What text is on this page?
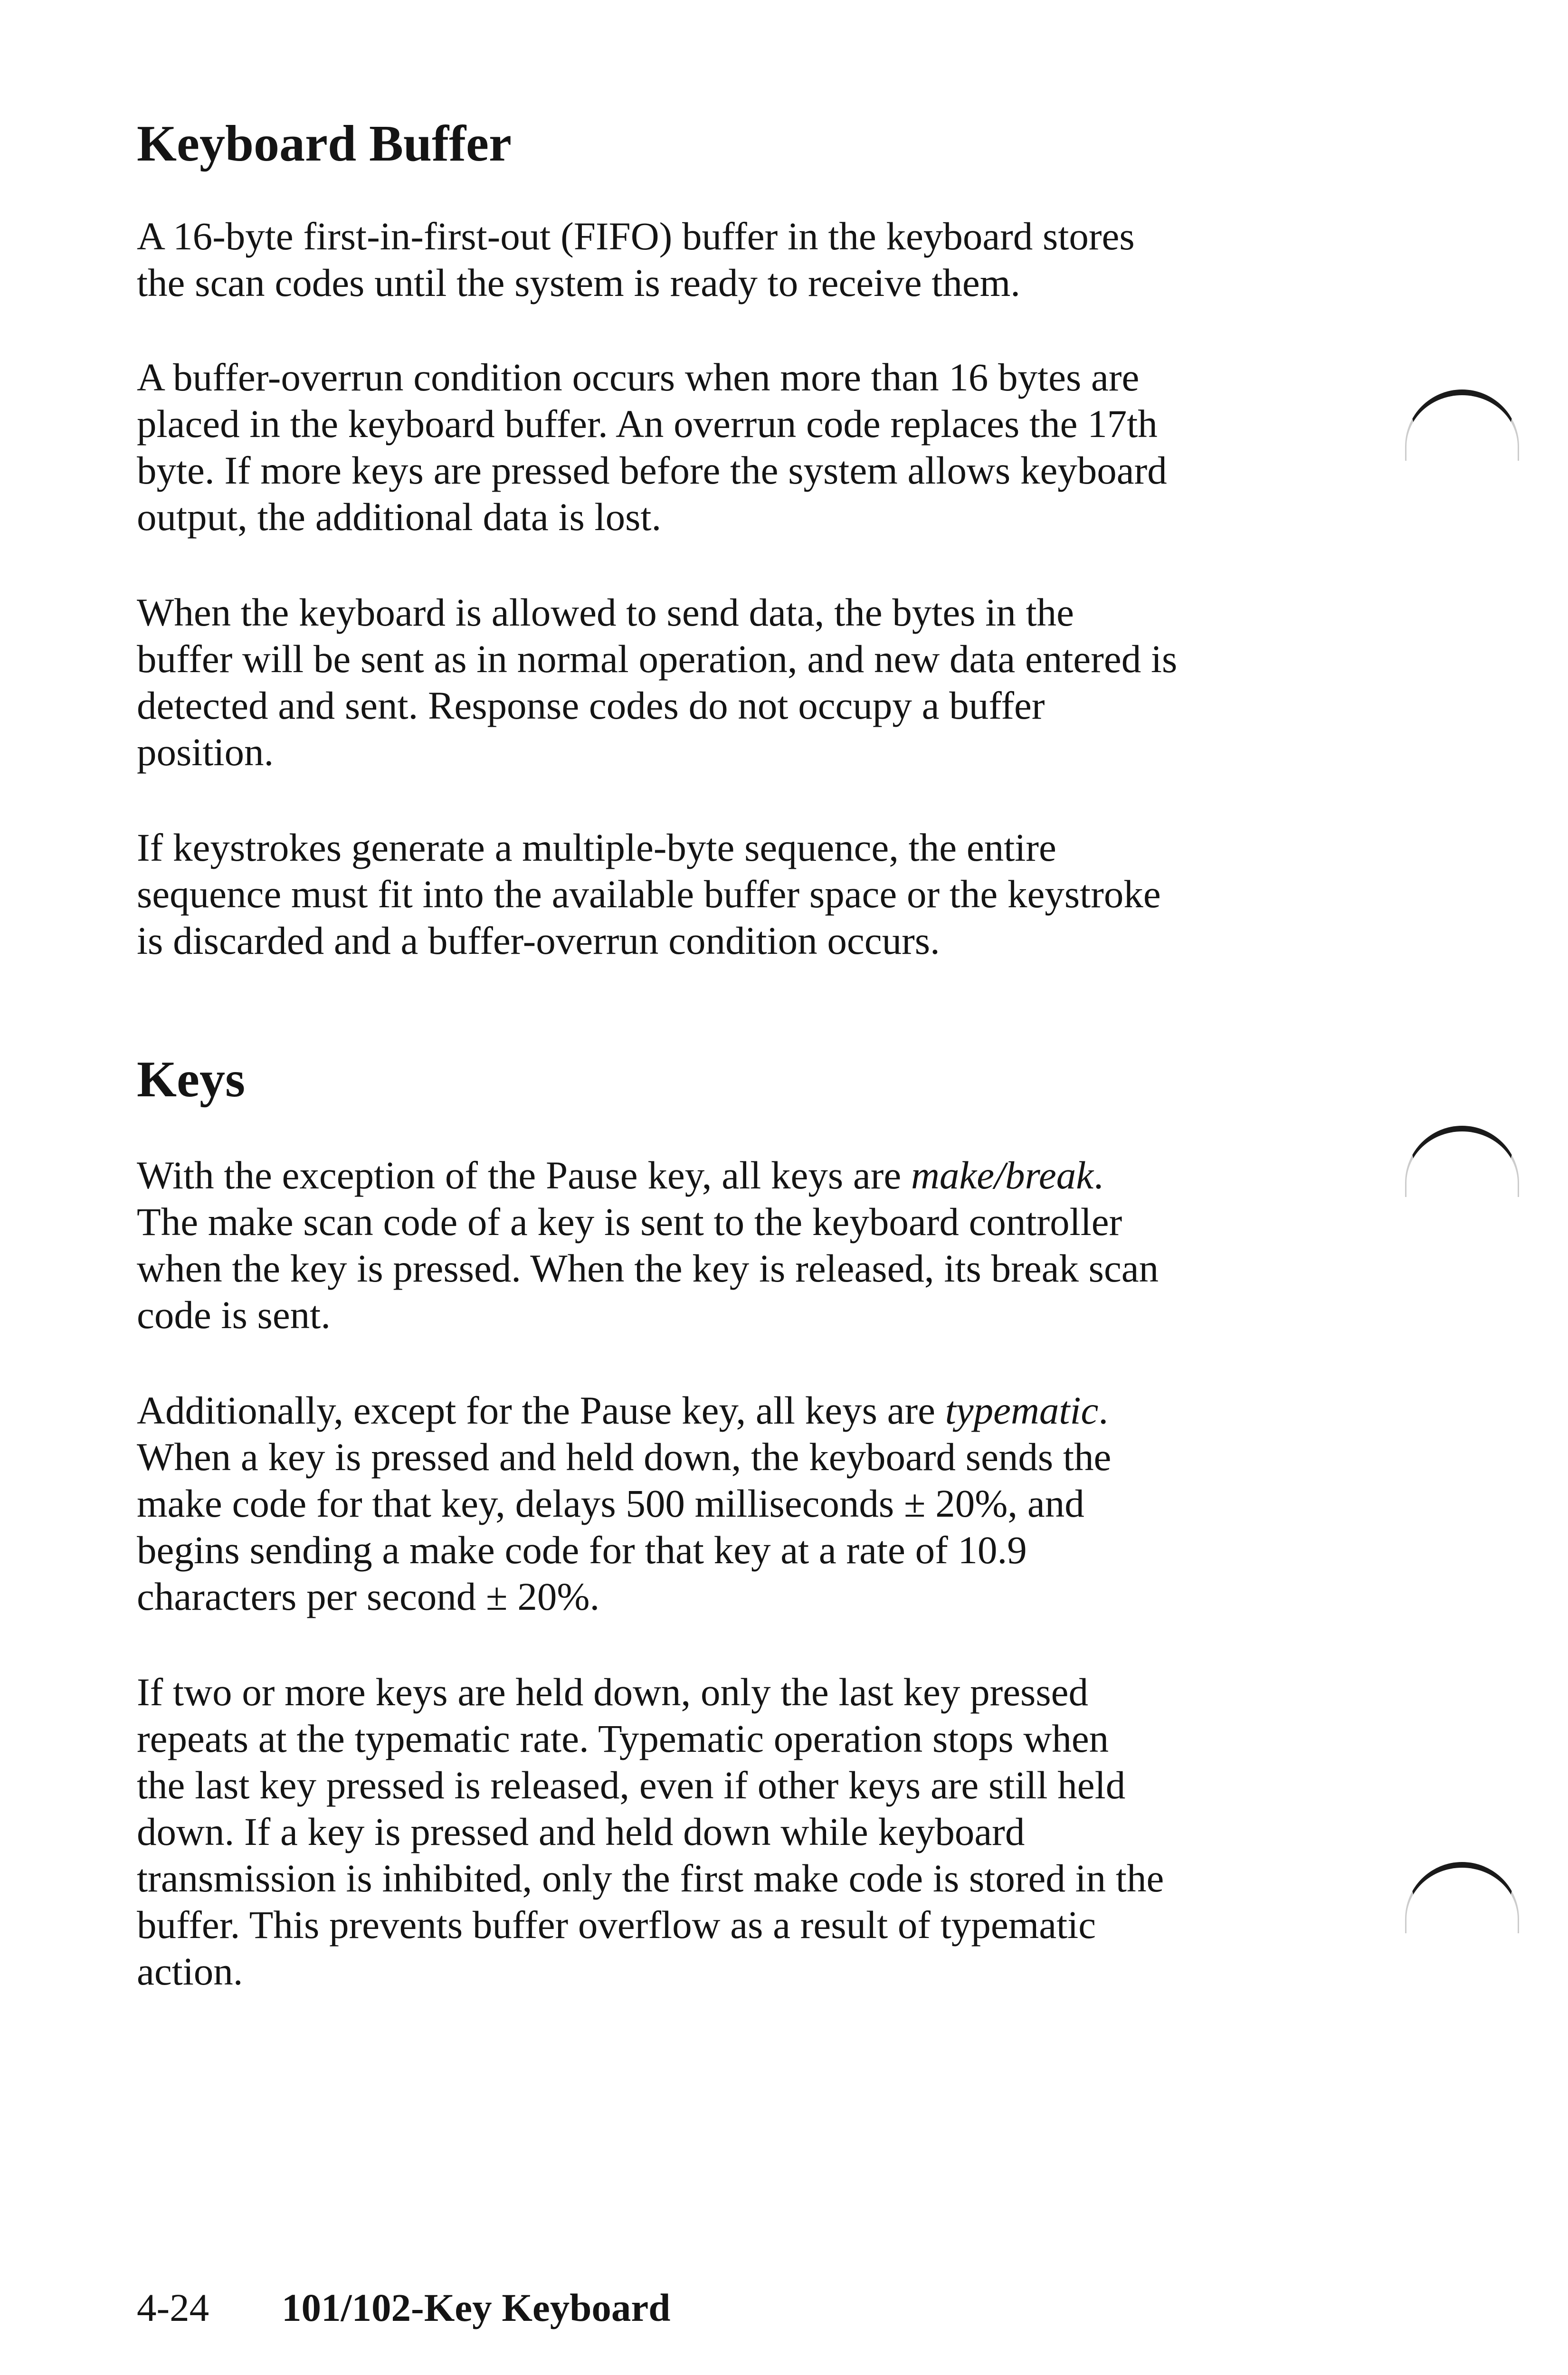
Keyboard Buffer

A 16-byte first-in-first-out (FIFO) buffer in the keyboard stores
the scan codes until the system is ready to receive them.

A buffer-overrun condition occurs when more than 16 bytes are
placed in the keyboard buffer. An overrun code replaces the 17th
byte. If more keys are pressed before the system allows keyboard
output, the additional data is lost.

When the keyboard is allowed to send data, the bytes in the
buffer will be sent as in normal operation, and new data entered is
detected and sent. Response codes do not occupy a buffer
position.

If keystrokes generate a multiple-byte sequence, the entire
sequence must fit into the available buffer space or the keystroke
is discarded and a buffer-overrun condition occurs.

Keys

With the exception of the Pause key, all keys are make/break.
The make scan code of a key is sent to the keyboard controller
when the key is pressed. When the key is released, its break scan
code is sent.

Additionally, except for the Pause key, all keys are typematic.
When a key is pressed and held down, the keyboard sends the
make code for that key, delays 500 milliseconds ± 20%, and
begins sending a make code for that key at a rate of 10.9
characters per second ± 20%.

If two or more keys are held down, only the last key pressed
repeats at the typematic rate. Typematic operation stops when
the last key pressed is released, even if other keys are still held
down. If a key is pressed and held down while keyboard
transmission is inhibited, only the first make code is stored in the
buffer. This prevents buffer overflow as a result of typematic
action.

4-24 101/102-Key Keyboard
